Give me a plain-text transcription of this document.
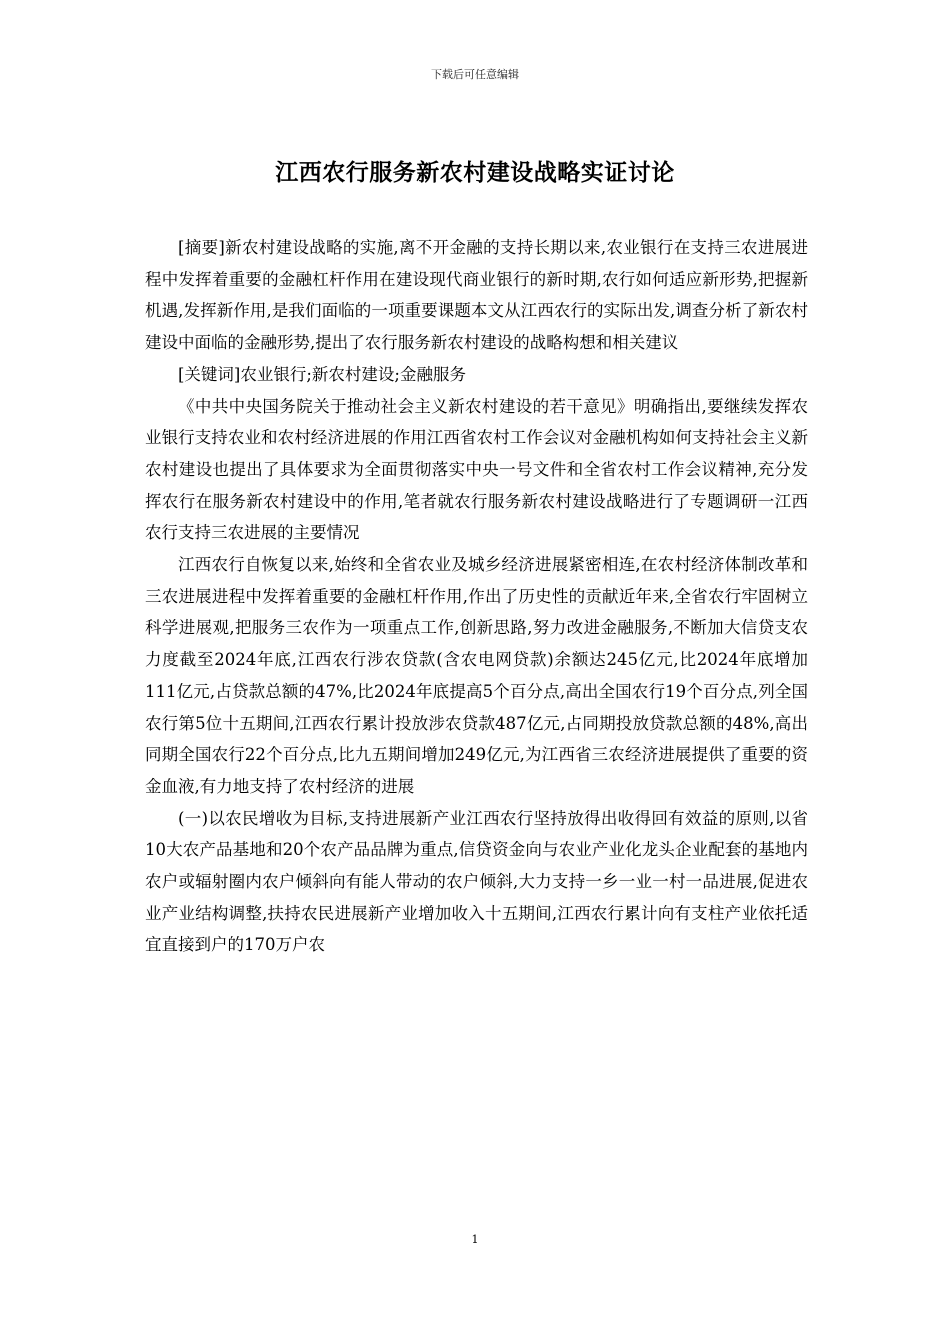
下载后可任意编辑
江西农行服务新农村建设战略实证讨论

[摘要]新农村建设战略的实施,离不开金融的支持长期以来,农业银行在支持三农进展进程中发挥着重要的金融杠杆作用在建设现代商业银行的新时期,农行如何适应新形势,把握新机遇,发挥新作用,是我们面临的一项重要课题本文从江西农行的实际出发,调查分析了新农村建设中面临的金融形势,提出了农行服务新农村建设的战略构想和相关建议

[关键词]农业银行;新农村建设;金融服务

《中共中央国务院关于推动社会主义新农村建设的若干意见》明确指出,要继续发挥农业银行支持农业和农村经济进展的作用江西省农村工作会议对金融机构如何支持社会主义新农村建设也提出了具体要求为全面贯彻落实中央一号文件和全省农村工作会议精神,充分发挥农行在服务新农村建设中的作用,笔者就农行服务新农村建设战略进行了专题调研一江西农行支持三农进展的主要情况

江西农行自恢复以来,始终和全省农业及城乡经济进展紧密相连,在农村经济体制改革和三农进展进程中发挥着重要的金融杠杆作用,作出了历史性的贡献近年来,全省农行牢固树立科学进展观,把服务三农作为一项重点工作,创新思路,努力改进金融服务,不断加大信贷支农力度截至2024年底,江西农行涉农贷款(含农电网贷款)余额达245亿元,比2024年底增加111亿元,占贷款总额的47%,比2024年底提高5个百分点,高出全国农行19个百分点,列全国农行第5位十五期间,江西农行累计投放涉农贷款487亿元,占同期投放贷款总额的48%,高出同期全国农行22个百分点,比九五期间增加249亿元,为江西省三农经济进展提供了重要的资金血液,有力地支持了农村经济的进展

(一)以农民增收为目标,支持进展新产业江西农行坚持放得出收得回有效益的原则,以省10大农产品基地和20个农产品品牌为重点,信贷资金向与农业产业化龙头企业配套的基地内农户或辐射圈内农户倾斜向有能人带动的农户倾斜,大力支持一乡一业一村一品进展,促进农业产业结构调整,扶持农民进展新产业增加收入十五期间,江西农行累计向有支柱产业依托适宜直接到户的170万户农

1
